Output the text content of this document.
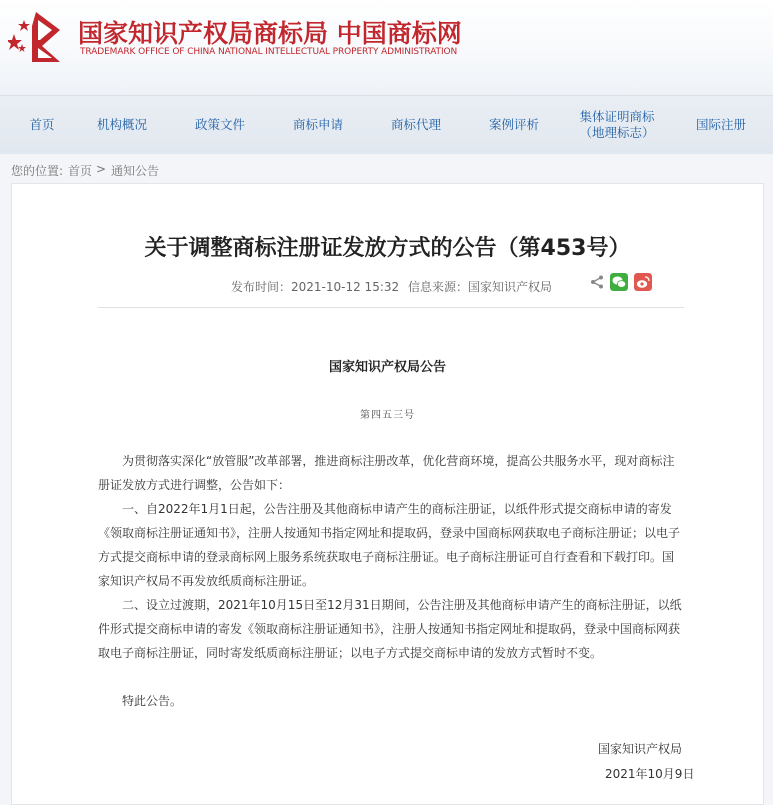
国家知识产权局商标局 中国商标网
TRADEMARK OFFICE OF CHINA NATIONAL INTELLECTUAL PROPERTY ADMINISTRATION
首页	机构概况	政策文件	商标申请	商标代理	案例评析
集体证明商标
（地理标志）
国际注册
您的位置: 首页 > 通知公告
关于调整商标注册证发放方式的公告（第453号）
发布时间：2021-10-12 15:32 信息来源：国家知识产权局
国家知识产权局公告
第四五三号

为贯彻落实深化“放管服”改革部署，推进商标注册改革，优化营商环境，提高公共服务水平，现对商标注册证发放方式进行调整，公告如下：

一、自2022年1月1日起，公告注册及其他商标申请产生的商标注册证，以纸件形式提交商标申请的寄发《领取商标注册证通知书》，注册人按通知书指定网址和提取码，登录中国商标网获取电子商标注册证；以电子方式提交商标申请的登录商标网上服务系统获取电子商标注册证。电子商标注册证可自行查看和下载打印。国家知识产权局不再发放纸质商标注册证。

二、设立过渡期，2021年10月15日至12月31日期间，公告注册及其他商标申请产生的商标注册证，以纸件形式提交商标申请的寄发《领取商标注册证通知书》，注册人按通知书指定网址和提取码，登录中国商标网获取电子商标注册证，同时寄发纸质商标注册证；以电子方式提交商标申请的发放方式暂时不变。

特此公告。

国家知识产权局
2021年10月9日
